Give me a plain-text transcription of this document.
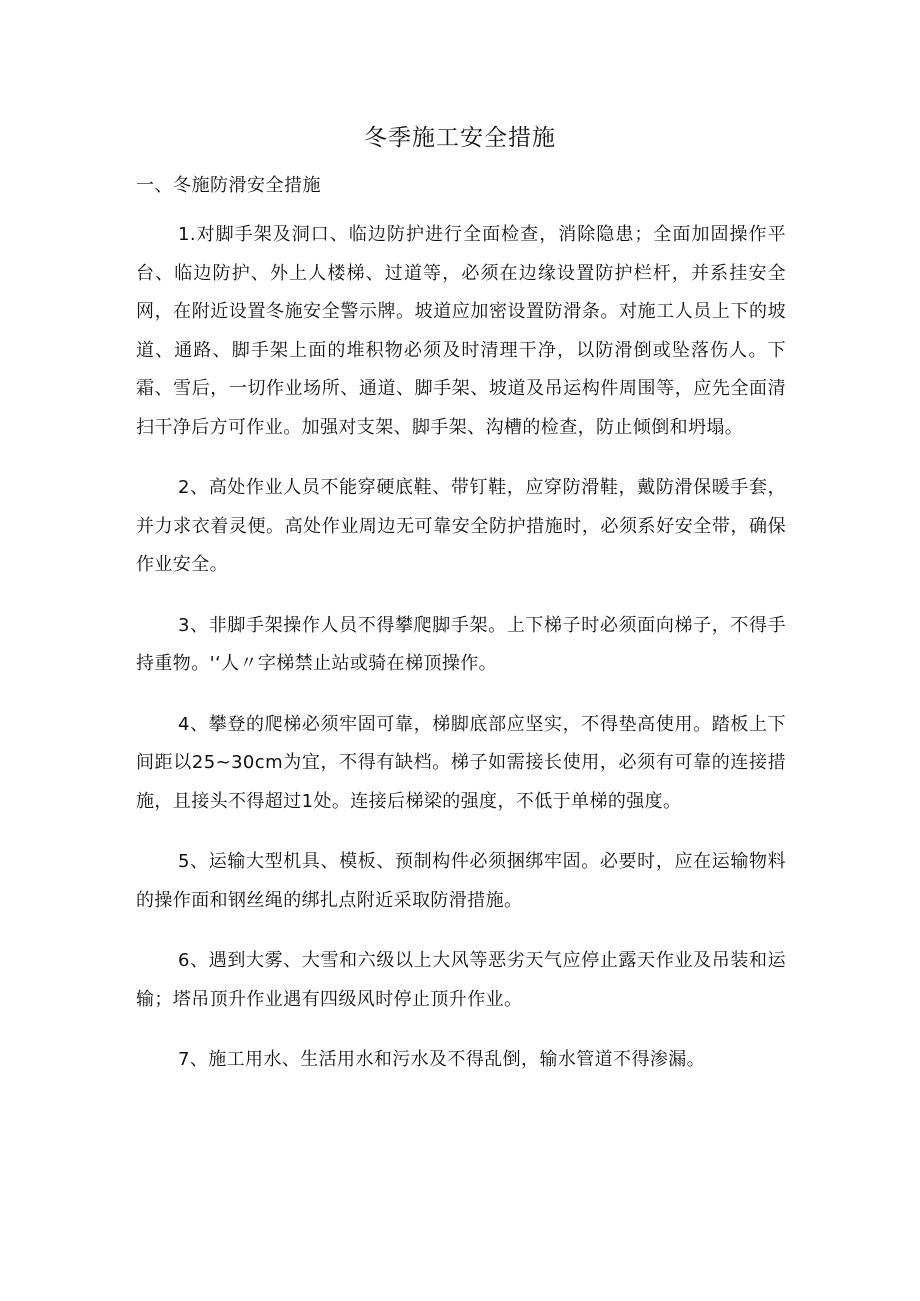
冬季施工安全措施
一、冬施防滑安全措施

1.对脚手架及洞口、临边防护进行全面检查，消除隐患；全面加固操作平台、临边防护、外上人楼梯、过道等，必须在边缘设置防护栏杆，并系挂安全网，在附近设置冬施安全警示牌。坡道应加密设置防滑条。对施工人员上下的坡道、通路、脚手架上面的堆积物必须及时清理干净，以防滑倒或坠落伤人。下霜、雪后，一切作业场所、通道、脚手架、坡道及吊运构件周围等，应先全面清扫干净后方可作业。加强对支架、脚手架、沟槽的检查，防止倾倒和坍塌。

2、高处作业人员不能穿硬底鞋、带钉鞋，应穿防滑鞋，戴防滑保暖手套，并力求衣着灵便。高处作业周边无可靠安全防护措施时，必须系好安全带，确保作业安全。

3、非脚手架操作人员不得攀爬脚手架。上下梯子时必须面向梯子，不得手持重物。'‘人〃字梯禁止站或骑在梯顶操作。

4、攀登的爬梯必须牢固可靠，梯脚底部应坚实，不得垫高使用。踏板上下间距以25~30cm为宜，不得有缺档。梯子如需接长使用，必须有可靠的连接措施，且接头不得超过1处。连接后梯梁的强度，不低于单梯的强度。

5、运输大型机具、模板、预制构件必须捆绑牢固。必要时，应在运输物料的操作面和钢丝绳的绑扎点附近采取防滑措施。

6、遇到大雾、大雪和六级以上大风等恶劣天气应停止露天作业及吊装和运输；塔吊顶升作业遇有四级风时停止顶升作业。

7、施工用水、生活用水和污水及不得乱倒，输水管道不得渗漏。
